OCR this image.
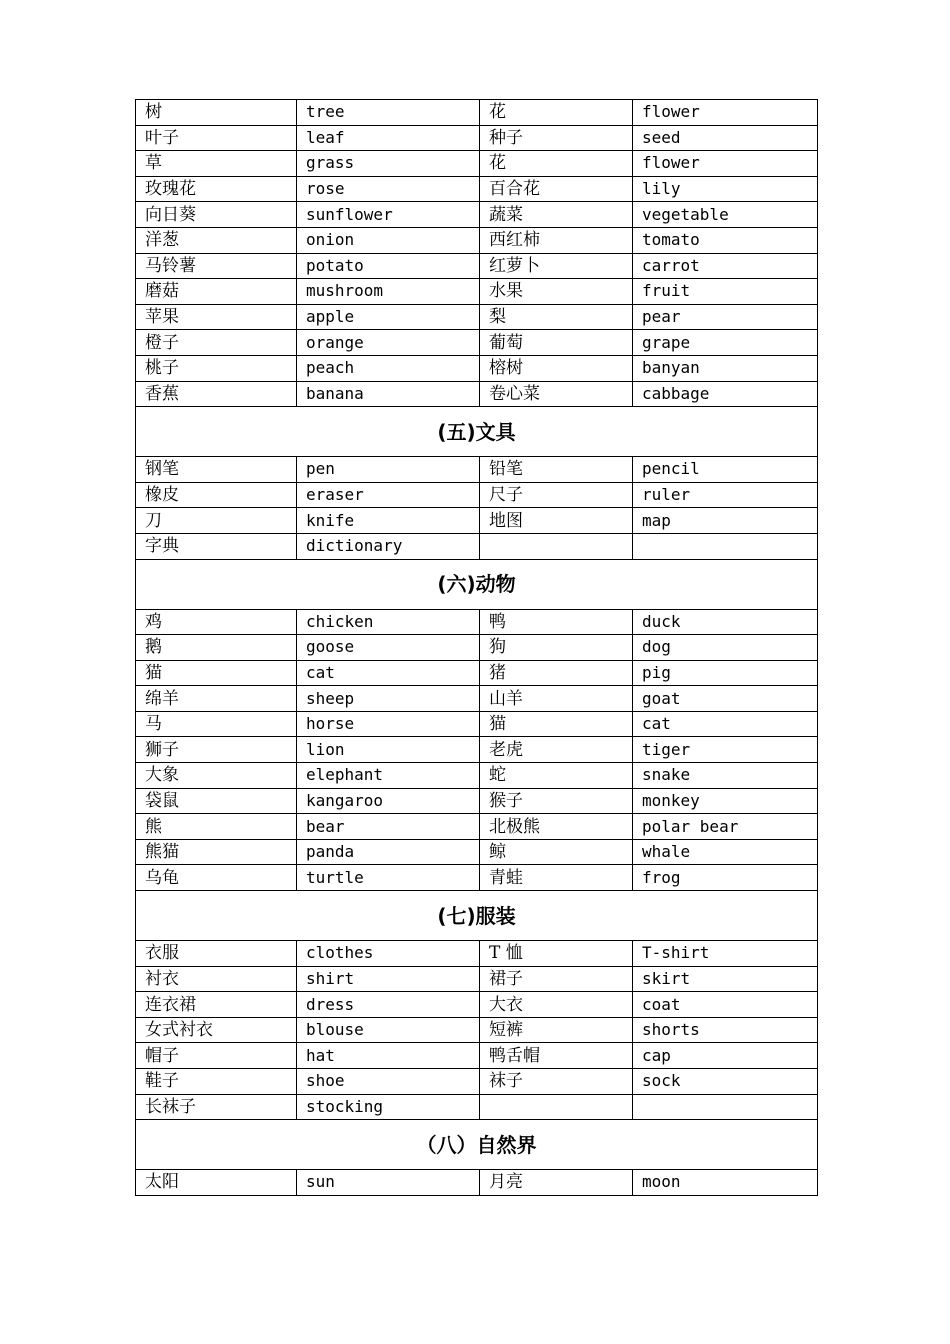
树	tree	花	flower
叶子	leaf	种子	seed
草	grass	花	flower
玫瑰花	rose	百合花	lily
向日葵	sunflower	蔬菜	vegetable
洋葱	onion	西红柿	tomato
马铃薯	potato	红萝卜	carrot
磨菇	mushroom	水果	fruit
苹果	apple	梨	pear
橙子	orange	葡萄	grape
桃子	peach	榕树	banyan
香蕉	banana	卷心菜	cabbage
(五)文具			
钢笔	pen	铅笔	pencil
橡皮	eraser	尺子	ruler
刀	knife	地图	map
字典	dictionary		
(六)动物			
鸡	chicken	鸭	duck
鹅	goose	狗	dog
猫	cat	猪	pig
绵羊	sheep	山羊	goat
马	horse	猫	cat
狮子	lion	老虎	tiger
大象	elephant	蛇	snake
袋鼠	kangaroo	猴子	monkey
熊	bear	北极熊	polar bear
熊猫	panda	鲸	whale
乌龟	turtle	青蛙	frog
(七)服装			
衣服	clothes	T 恤	T-shirt
衬衣	shirt	裙子	skirt
连衣裙	dress	大衣	coat
女式衬衣	blouse	短裤	shorts
帽子	hat	鸭舌帽	cap
鞋子	shoe	袜子	sock
长袜子	stocking		
（八）自然界			
太阳	sun	月亮	moon
